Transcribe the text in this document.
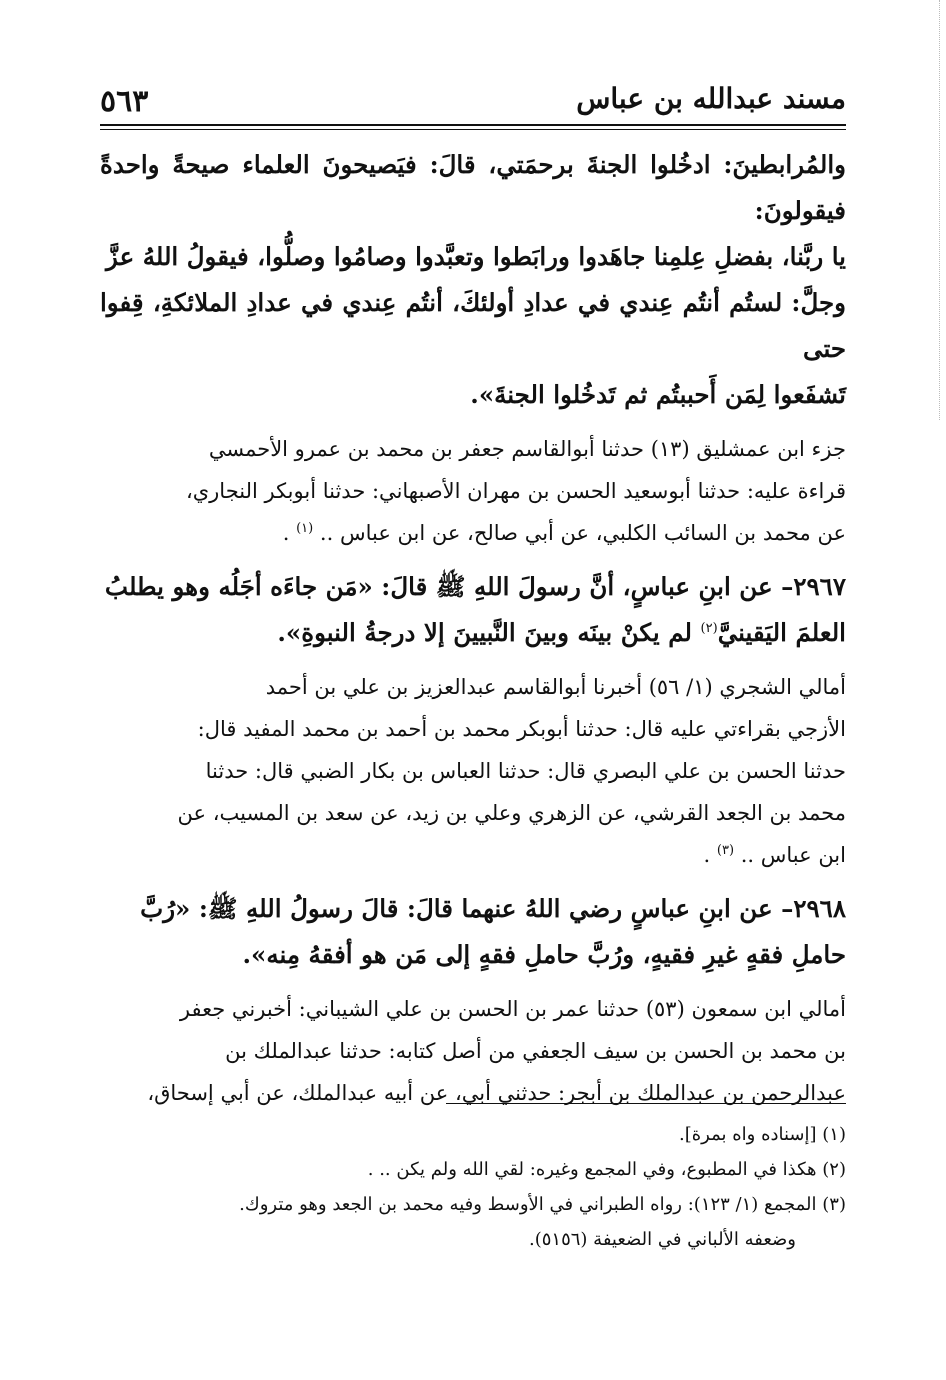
مسند عبدالله بن عباس
٥٦٣

والمُرابطينَ: ادخُلوا الجنةَ برحمَتي، قالَ: فيَصيحونَ العلماء صيحةً واحدةً فيقولونَ:

يا ربَّنا، بفضلِ عِلمِنا جاهَدوا ورابَطوا وتعبَّدوا وصامُوا وصلُّوا، فيقولُ اللهُ عزَّ

وجلَّ: لستُم أنتُم عِندي في عدادِ أولئكَ، أنتُم عِندي في عدادِ الملائكةِ، قِفوا حتى

تَشفَعوا لِمَن أَحببتُم ثم تَدخُلوا الجنةَ».

جزء ابن عمشليق (١٣) حدثنا أبوالقاسم جعفر بن محمد بن عمرو الأحمسي

قراءة عليه: حدثنا أبوسعيد الحسن بن مهران الأصبهاني: حدثنا أبوبكر النجاري،

عن محمد بن السائب الكلبي، عن أبي صالح، عن ابن عباس .. $^{(١)}$ .

٢٩٦٧– عن ابنِ عباسٍ، أنَّ رسولَ اللهِ ﷺ قالَ: «مَن جاءَه أجَلُه وهو يطلبُ

العلمَ اليَقينيَّ$^{(٢)}$ لم يكنْ بينَه وبينَ النَّبيينَ إلا درجةُ النبوةِ».

أمالي الشجري (١/ ٥٦) أخبرنا أبوالقاسم عبدالعزيز بن علي بن أحمد

الأزجي بقراءتي عليه قال: حدثنا أبوبكر محمد بن أحمد بن محمد المفيد قال:

حدثنا الحسن بن علي البصري قال: حدثنا العباس بن بكار الضبي قال: حدثنا

محمد بن الجعد القرشي، عن الزهري وعلي بن زيد، عن سعد بن المسيب، عن

ابن عباس .. $^{(٣)}$ .

٢٩٦٨– عن ابنِ عباسٍ رضي اللهُ عنهما قالَ: قالَ رسولُ اللهِ ﷺ: «رُبَّ

حاملِ فقهٍ غيرِ فقيهٍ، ورُبَّ حاملِ فقهٍ إلى مَن هو أفقهُ مِنه».

أمالي ابن سمعون (٥٣) حدثنا عمر بن الحسن بن علي الشيباني: أخبرني جعفر

بن محمد بن الحسن بن سيف الجعفي من أصل كتابه: حدثنا عبدالملك بن

عبدالرحمن بن عبدالملك بن أبجر: حدثني أبي، عن أبيه عبدالملك، عن أبي إسحاق،

(١) [إسناده واه بمرة].

(٢) هكذا في المطبوع، وفي المجمع وغيره: لقي الله ولم يكن .. .

(٣) المجمع (١/ ١٢٣): رواه الطبراني في الأوسط وفيه محمد بن الجعد وهو متروك.

وضعفه الألباني في الضعيفة (٥١٥٦).
